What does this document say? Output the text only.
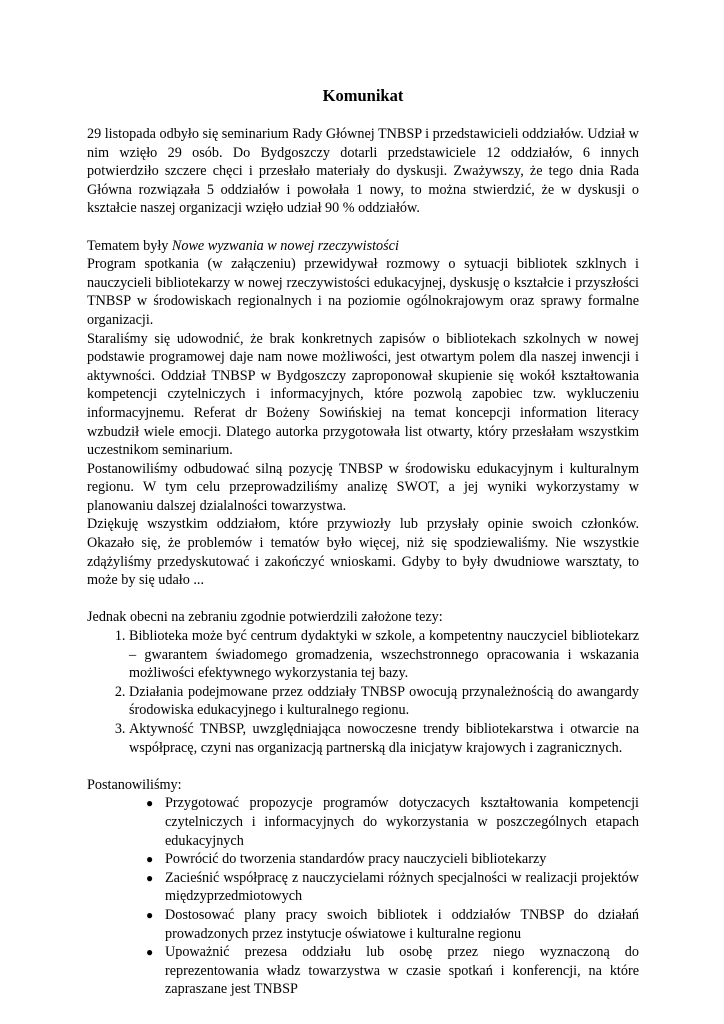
Komunikat

29 listopada odbyło się seminarium Rady Głównej TNBSP i przedstawicieli oddziałów. Udział w nim wzięło 29 osób. Do Bydgoszczy dotarli przedstawiciele 12 oddziałów, 6 innych potwierdziło szczere chęci i przesłało materiały do dyskusji. Zważywszy, że tego dnia Rada Główna rozwiązała 5 oddziałów i powołała 1 nowy, to można stwierdzić, że w dyskusji o kształcie naszej organizacji wzięło udział 90 % oddziałów.

Tematem były Nowe wyzwania w nowej rzeczywistości

Program spotkania (w załączeniu) przewidywał rozmowy o sytuacji bibliotek szklnych i nauczycieli bibliotekarzy w nowej rzeczywistości edukacyjnej, dyskusję o kształcie i przyszłości TNBSP w środowiskach regionalnych i na poziomie ogólnokrajowym oraz sprawy formalne organizacji.

Staraliśmy się udowodnić, że brak konkretnych zapisów o bibliotekach szkolnych w nowej podstawie programowej daje nam nowe możliwości, jest otwartym polem dla naszej inwencji i aktywności. Oddział TNBSP w Bydgoszczy zaproponował skupienie się wokół kształtowania kompetencji czytelniczych i informacyjnych, które pozwolą zapobiec tzw. wykluczeniu informacyjnemu. Referat dr Bożeny Sowińskiej na temat koncepcji information literacy wzbudził wiele emocji. Dlatego autorka przygotowała list otwarty, który przesłałam wszystkim uczestnikom seminarium.

Postanowiliśmy odbudować silną pozycję TNBSP w środowisku edukacyjnym i kulturalnym regionu. W tym celu przeprowadziliśmy analizę SWOT, a jej wyniki wykorzystamy w planowaniu dalszej dzialalności towarzystwa.

Dziękuję wszystkim oddziałom, które przywiozły lub przysłały opinie swoich członków. Okazało się, że problemów i tematów było więcej, niż się spodziewaliśmy. Nie wszystkie zdążyliśmy przedyskutować i zakończyć wnioskami. Gdyby to były dwudniowe warsztaty, to może by się udało ...

Jednak obecni na zebraniu zgodnie potwierdzili założone tezy:

1. Biblioteka może być centrum dydaktyki w szkole, a kompetentny nauczyciel bibliotekarz – gwarantem świadomego gromadzenia, wszechstronnego opracowania i wskazania możliwości efektywnego wykorzystania tej bazy.
2. Działania podejmowane przez oddziały TNBSP owocują przynależnością do awangardy środowiska edukacyjnego i kulturalnego regionu.
3. Aktywność TNBSP, uwzględniająca nowoczesne trendy bibliotekarstwa i otwarcie na współpracę, czyni nas organizacją partnerską dla inicjatyw krajowych i zagranicznych.

Postanowiliśmy:

● Przygotować propozycje programów dotyczacych kształtowania kompetencji czytelniczych i informacyjnych do wykorzystania w poszczególnych etapach edukacyjnych
● Powrócić do tworzenia standardów pracy nauczycieli bibliotekarzy
● Zacieśnić współpracę z nauczycielami różnych specjalności w realizacji projektów międzyprzedmiotowych
● Dostosować plany pracy swoich bibliotek i oddziałów TNBSP do działań prowadzonych przez instytucje oświatowe i kulturalne regionu
● Upoważnić prezesa oddziału lub osobę przez niego wyznaczoną do reprezentowania władz towarzystwa w czasie spotkań i konferencji, na które zapraszane jest TNBSP
